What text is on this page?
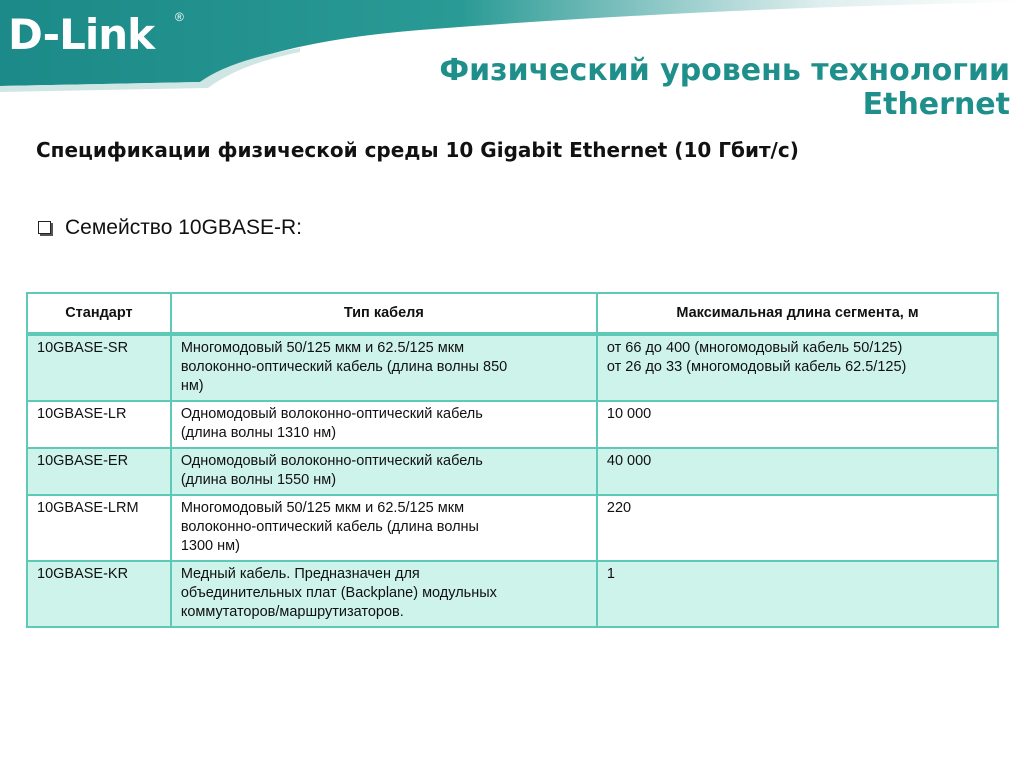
D-Link ®
Физический уровень технологии
Ethernet
Спецификации физической среды 10 Gigabit Ethernet (10 Гбит/с)
Семейство 10GBASE-R:
Стандарт	Тип кабеля	Максимальная длина сегмента, м
10GBASE-SR	Многомодовый 50/125 мкм и 62.5/125 мкм
волоконно-оптический кабель (длина волны 850
нм)	от 66 до 400 (многомодовый кабель 50/125)
от 26 до 33 (многомодовый кабель 62.5/125)

10GBASE-LR	Одномодовый волоконно-оптический кабель
(длина волны 1310 нм)	10 000

10GBASE-ER	Одномодовый волоконно-оптический кабель
(длина волны 1550 нм)	40 000

10GBASE-LRM	Многомодовый 50/125 мкм и 62.5/125 мкм
волоконно-оптический кабель (длина волны
1300 нм)	220

10GBASE-KR	Медный кабель. Предназначен для
объединительных плат (Backplane) модульных
коммутаторов/маршрутизаторов.	1
